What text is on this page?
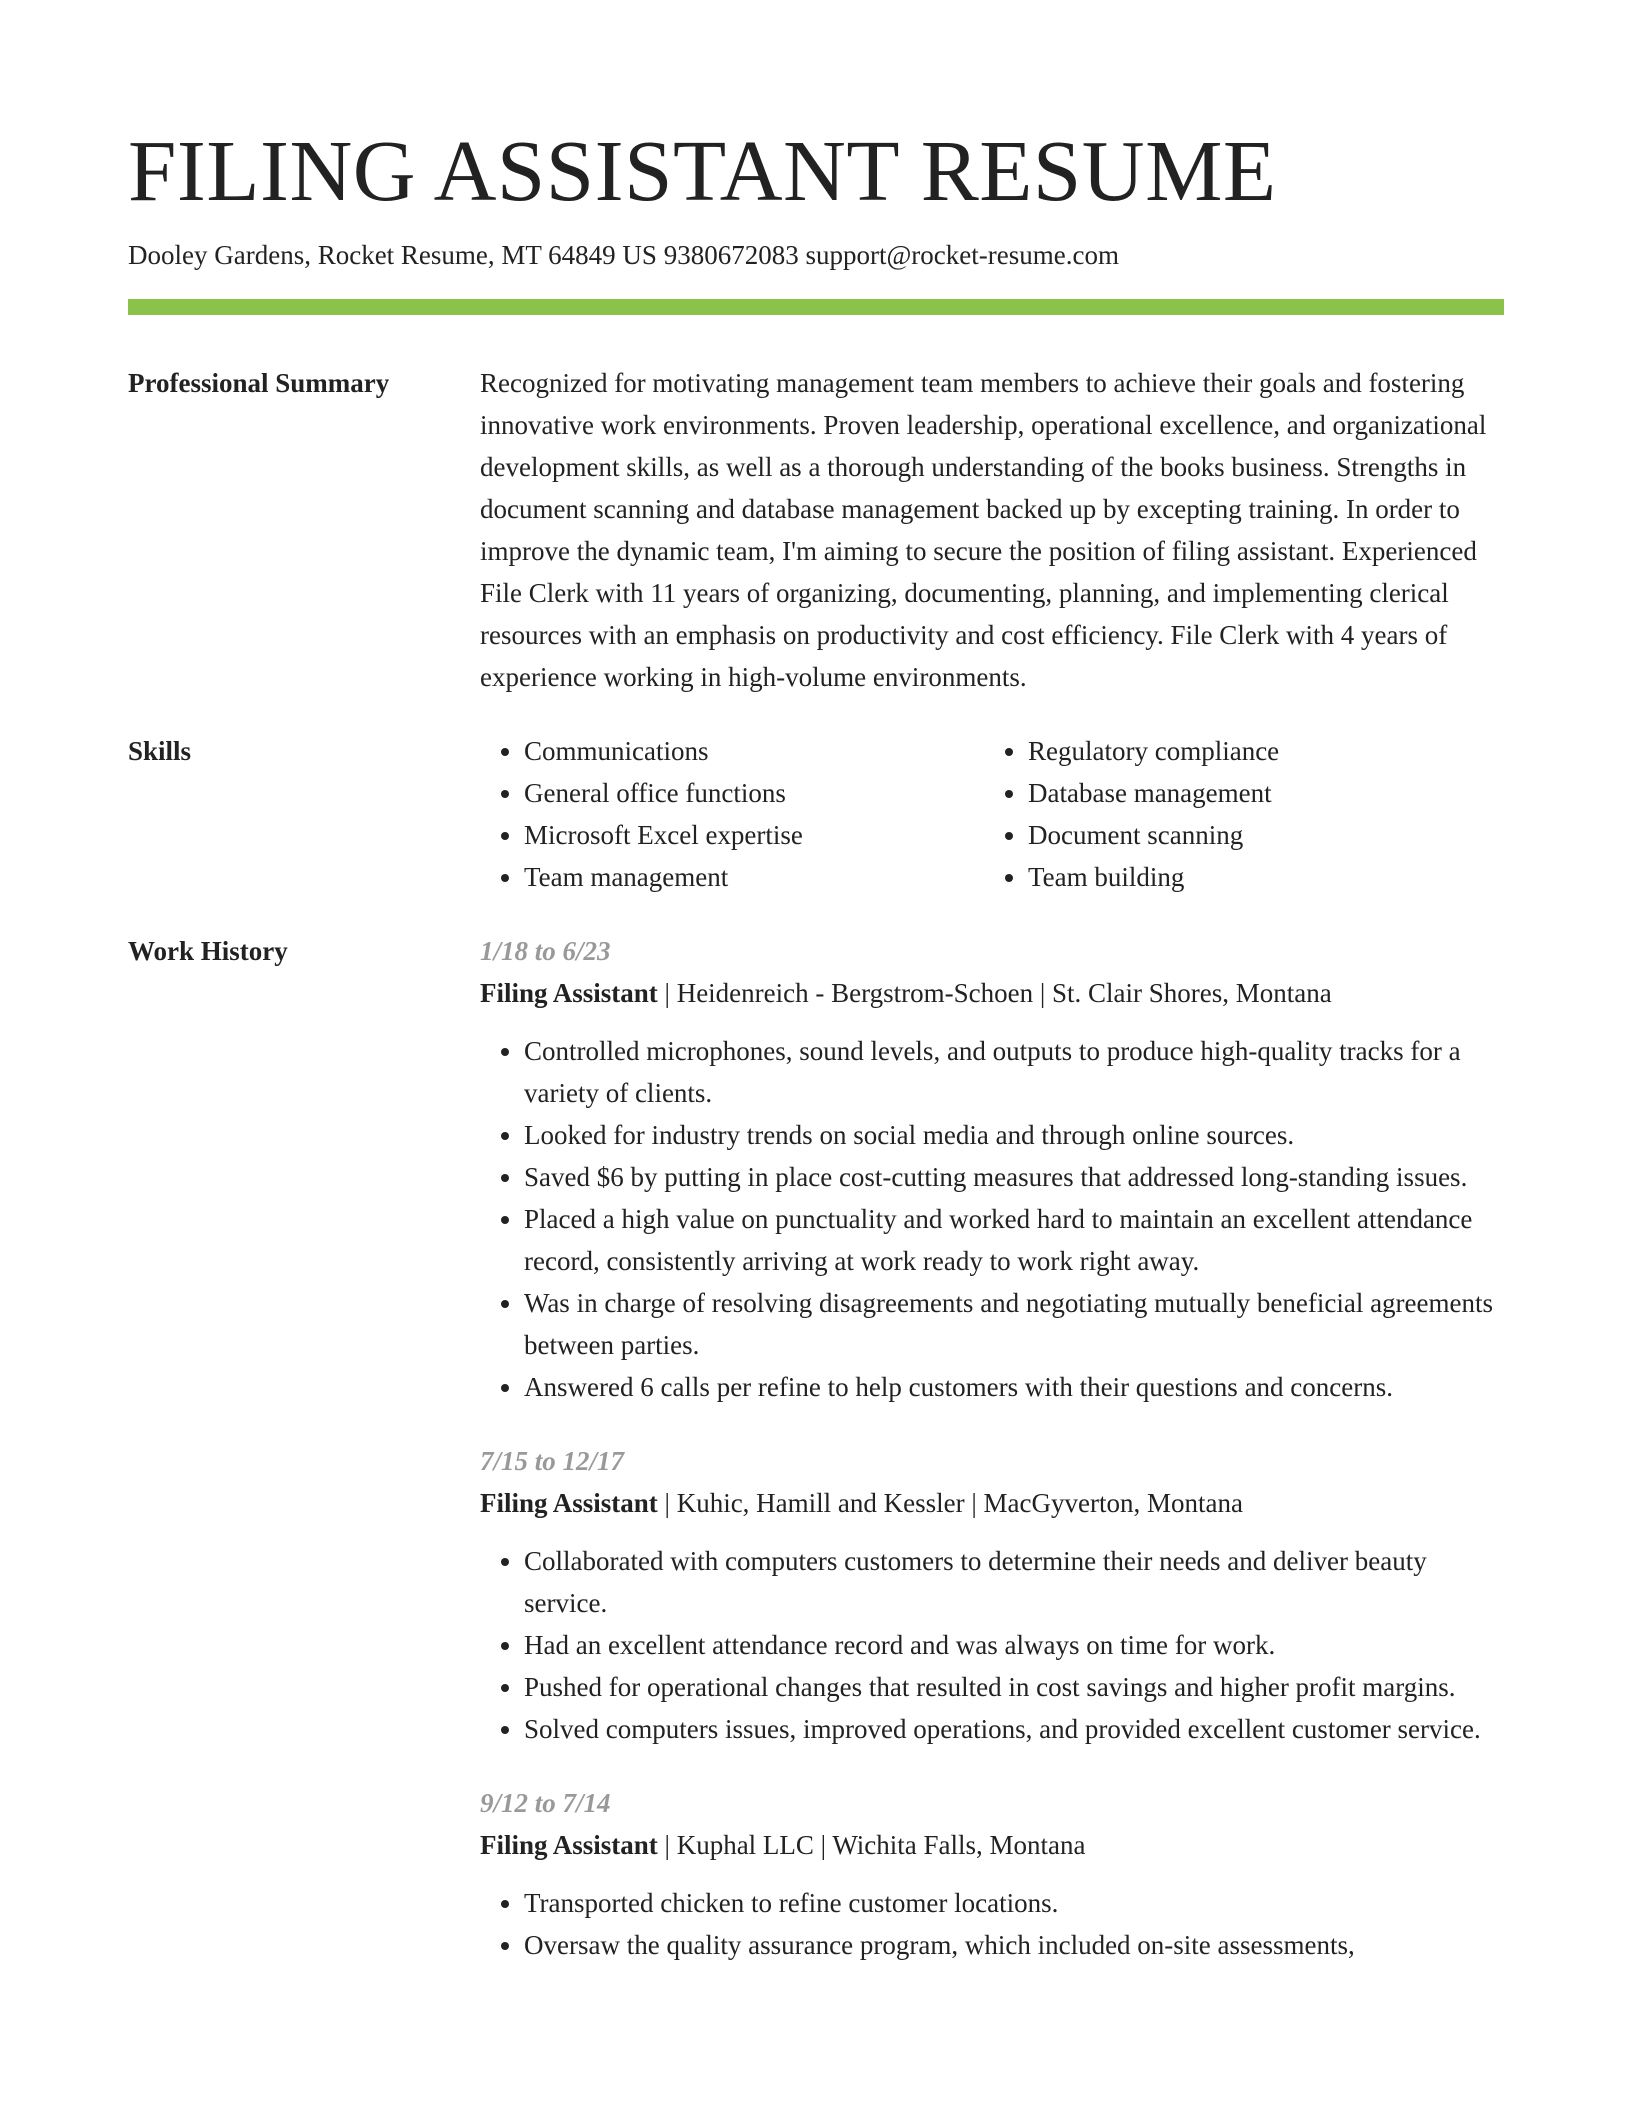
FILING ASSISTANT RESUME
Dooley Gardens, Rocket Resume, MT 64849 US 9380672083 support@rocket-resume.com
Professional Summary	Recognized for motivating management team members to achieve their goals and fostering innovative work environments. Proven leadership, operational excellence, and organizational development skills, as well as a thorough understanding of the books business. Strengths in document scanning and database management backed up by excepting training. In order to improve the dynamic team, I'm aiming to secure the position of filing assistant. Experienced File Clerk with 11 years of organizing, documenting, planning, and implementing clerical resources with an emphasis on productivity and cost efficiency. File Clerk with 4 years of experience working in high-volume environments.

Skills
•	Communications
• General office functions
• Microsoft Excel expertise
• Team management
• Regulatory compliance
• Database management
• Document scanning
• Team building
Work History	1/18 to 6/23
Filing Assistant | Heidenreich - Bergstrom-Schoen | St. Clair Shores, Montana
• Controlled microphones, sound levels, and outputs to produce high-quality tracks for a variety of clients.
• Looked for industry trends on social media and through online sources.
• Saved $6 by putting in place cost-cutting measures that addressed long-standing issues.
• Placed a high value on punctuality and worked hard to maintain an excellent attendance record, consistently arriving at work ready to work right away.
• Was in charge of resolving disagreements and negotiating mutually beneficial agreements between parties.
• Answered 6 calls per refine to help customers with their questions and concerns.
7/15 to 12/17
Filing Assistant | Kuhic, Hamill and Kessler | MacGyverton, Montana
• Collaborated with computers customers to determine their needs and deliver beauty service.
• Had an excellent attendance record and was always on time for work.
• Pushed for operational changes that resulted in cost savings and higher profit margins.
• Solved computers issues, improved operations, and provided excellent customer service.
9/12 to 7/14
Filing Assistant | Kuphal LLC | Wichita Falls, Montana
• Transported chicken to refine customer locations.
• Oversaw the quality assurance program, which included on-site assessments,
